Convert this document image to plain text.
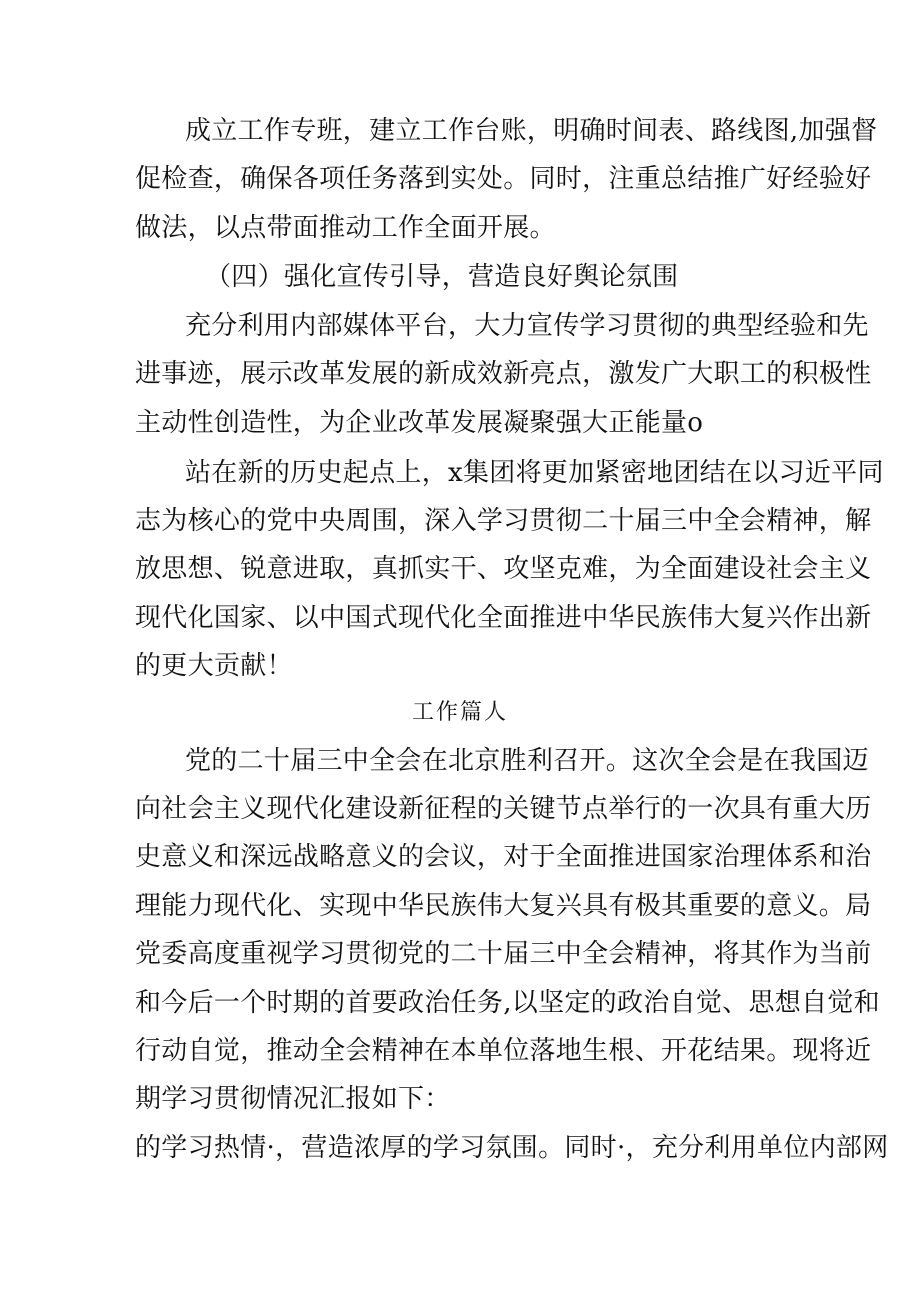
成立工作专班，建立工作台账，明确时间表、路线图,加强督
促检查，确保各项任务落到实处。同时，注重总结推广好经验好
做法，以点带面推动工作全面开展。
（四）强化宣传引导，营造良好舆论氛围
充分利用内部媒体平台，大力宣传学习贯彻的典型经验和先
进事迹，展示改革发展的新成效新亮点，激发广大职工的积极性
主动性创造性，为企业改革发展凝聚强大正能量o
站在新的历史起点上，x集团将更加紧密地团结在以习近平同
志为核心的党中央周围，深入学习贯彻二十届三中全会精神，解
放思想、锐意进取，真抓实干、攻坚克难，为全面建设社会主义
现代化国家、以中国式现代化全面推进中华民族伟大复兴作出新
的更大贡献！
工作篇人
党的二十届三中全会在北京胜利召开。这次全会是在我国迈
向社会主义现代化建设新征程的关键节点举行的一次具有重大历
史意义和深远战略意义的会议，对于全面推进国家治理体系和治
理能力现代化、实现中华民族伟大复兴具有极其重要的意义。局
党委高度重视学习贯彻党的二十届三中全会精神，将其作为当前
和今后一个时期的首要政治任务,以坚定的政治自觉、思想自觉和
行动自觉，推动全会精神在本单位落地生根、开花结果。现将近
期学习贯彻情况汇报如下：
的学习热情·，营造浓厚的学习氛围。同时·，充分利用单位内部网
